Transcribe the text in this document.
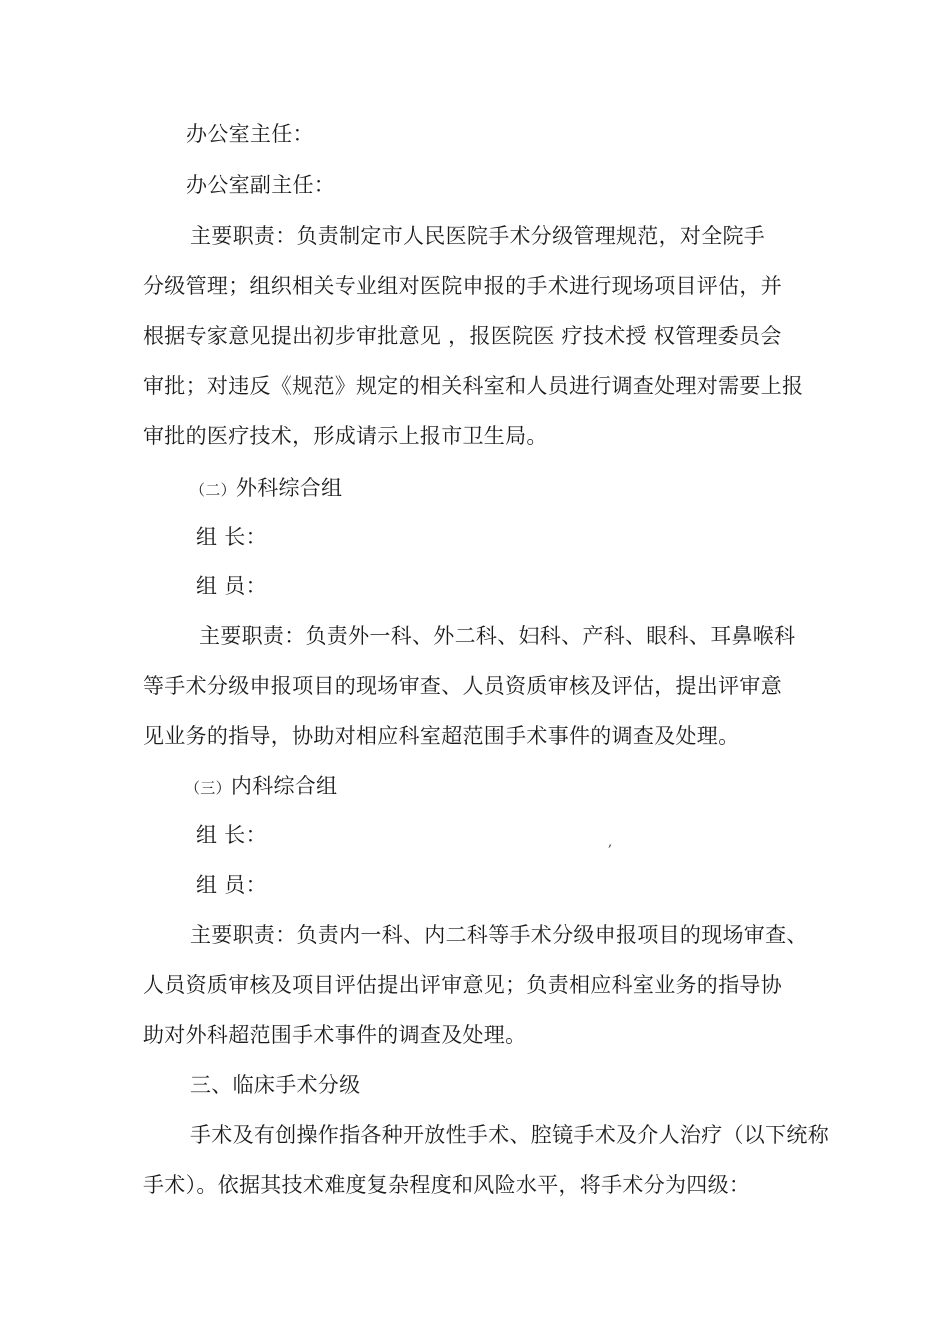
办公室主任：
办公室副主任：
主要职责：负责制定市人民医院手术分级管理规范，对全院手
分级管理；组织相关专业组对医院申报的手术进行现场项目评估，并
根据专家意见提出初步审批意见 ，报医院医 疗技术授 权管理委员会
审批；对违反《规范》规定的相关科室和人员进行调查处理对需要上报
审批的医疗技术，形成请示上报市卫生局。
（二）外科综合组
组 长：
组 员：
主要职责：负责外一科、外二科、妇科、产科、眼科、耳鼻喉科
等手术分级申报项目的现场审查、人员资质审核及评估，提出评审意
见业务的指导，协助对相应科室超范围手术事件的调查及处理。
（三）内科综合组
组 长：	,
组 员：
主要职责：负责内一科、内二科等手术分级申报项目的现场审查、
人员资质审核及项目评估提出评审意见；负责相应科室业务的指导协
助对外科超范围手术事件的调查及处理。
三、临床手术分级
手术及有创操作指各种开放性手术、腔镜手术及介人治疗（以下统称
手术）。依据其技术难度复杂程度和风险水平，将手术分为四级：
